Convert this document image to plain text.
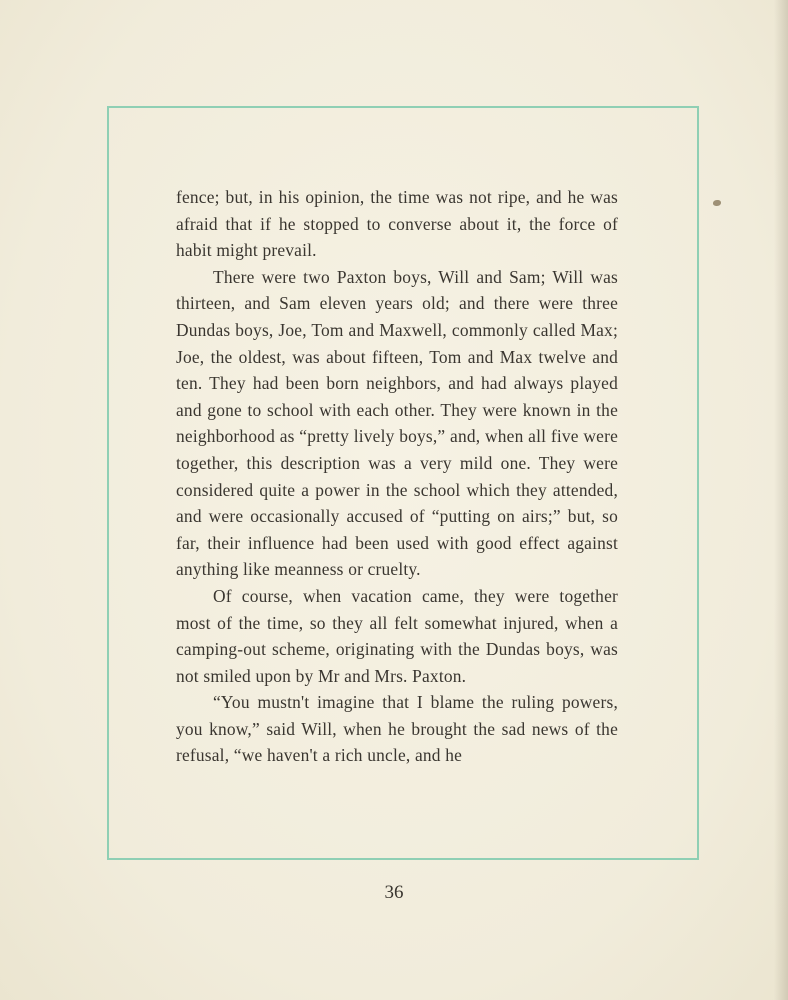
fence; but, in his opinion, the time was not ripe, and he was afraid that if he stopped to converse about it, the force of habit might prevail.

There were two Paxton boys, Will and Sam; Will was thirteen, and Sam eleven years old; and there were three Dundas boys, Joe, Tom and Maxwell, commonly called Max; Joe, the oldest, was about fifteen, Tom and Max twelve and ten. They had been born neighbors, and had always played and gone to school with each other. They were known in the neighborhood as “pretty lively boys,” and, when all five were together, this description was a very mild one. They were considered quite a power in the school which they attended, and were occasionally accused of “putting on airs;” but, so far, their influence had been used with good effect against anything like meanness or cruelty.

Of course, when vacation came, they were together most of the time, so they all felt somewhat injured, when a camping-out scheme, originating with the Dundas boys, was not smiled upon by Mr and Mrs. Paxton.

“You mustn't imagine that I blame the ruling powers, you know,” said Will, when he brought the sad news of the refusal, “we haven't a rich uncle, and he

36
